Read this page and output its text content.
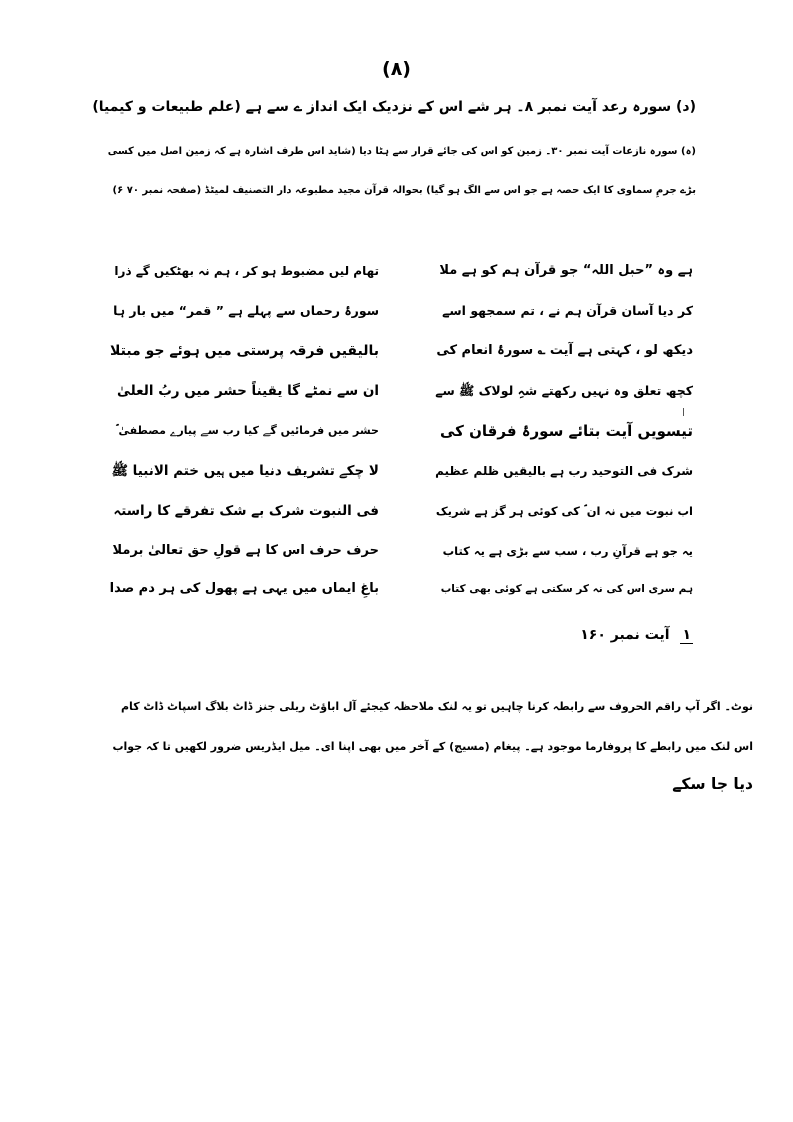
(۸)
(د) سورہ رعد آیت نمبر ۸۔ ہر شے اس کے نزدیک ایک انداز ے سے ہے (علم طبیعات و کیمیا)
(ہ) سورہ نازعات آیت نمبر ۳۰۔ زمین کو اس کی جائے قرار سے ہٹا دیا (شاید اس طرف اشارہ ہے کہ زمین اصل میں کسی
بڑے جرمِ سماوی کا ایک حصہ ہے جو اس سے الگ ہو گیا) بحوالہ قرآن مجید مطبوعہ دار التصنیف لمیٹڈ (صفحہ نمبر ۷۰ ۶)
ہے وہ ”حبل اللہ“ جو قرآن ہم کو ہے ملا
تھام لیں مضبوط ہو کر ، ہم نہ بھٹکیں گے ذرا
کر دیا آسان قرآن ہم نے ، تم سمجھو اسے
سورۂ رحماں سے پہلے ہے ” قمر“ میں بار ہا
دیکھ لو ، کہتی ہے آیت ؎ سورۂ انعام کی
بالیقیں فرقہ پرستی میں ہوئے جو مبتلا
کچھ تعلق وہ نہیں رکھتے شہِ لولاک ﷺ سے
ان سے نمٹے گا یقیناً حشر میں ربُ العلیٰ
تیسویں آیت بتائے سورۂ فرقان کی
حشر میں فرمائیں گے کیا رب سے پیارے مصطفیٰ ؐ
شرک فی التوحید رب ہے بالیقیں ظلم عظیم
لا چکے تشریف دنیا میں ہیں ختم الانبیا ﷺ
اب نبوت میں نہ ان ؐ کی کوئی ہر گز ہے شریک
فی النبوت شرک بے شک تفرقے کا راستہ
یہ جو ہے قرآنِ رب ، سب سے بڑی ہے یہ کتاب
حرف حرف اس کا ہے قولِ حق تعالیٰ برملا
ہم سری اس کی نہ کر سکتی ہے کوئی بھی کتاب
باغِ ایماں میں یہی ہے پھول کی ہر دم صدا
۱ آیت نمبر ۱۶۰
نوٹ۔ اگر آپ راقم الحروف سے رابطہ کرنا چاہیں تو یہ لنک ملاحظہ کیجئے آل اباؤٹ ریلی جنز ڈاٹ بلاگ اسپاٹ ڈاٹ کام
اس لنک میں رابطے کا پروفارما موجود ہے۔ پیغام (مسیج) کے آخر میں بھی اپنا ای۔ میل ایڈریس ضرور لکھیں تا کہ جواب
دیا جا سکے
